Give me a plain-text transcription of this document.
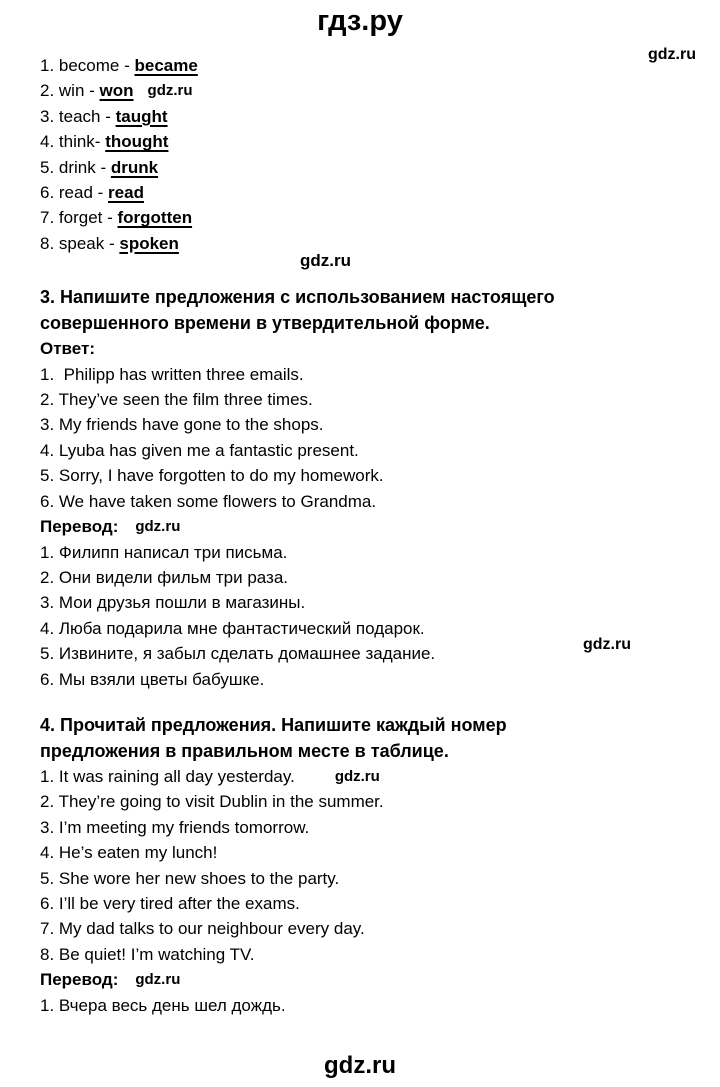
гдз.ру
gdz.ru

1. become - became

2. win - won gdz.ru

3. teach - taught

4. think- thought

5. drink - drunk

6. read - read

7. forget - forgotten

8. speak - spoken

gdz.ru

3. Напишите предложения с использованием настоящего
совершенного времени в утвердительной форме.

Ответ:

1.  Philipp has written three emails.

2. They’ve seen the film three times.

3. My friends have gone to the shops.

4. Lyuba has given me a fantastic present.

5. Sorry, I have forgotten to do my homework.

6. We have taken some flowers to Grandma.

Перевод: gdz.ru

1. Филипп написал три письма.

2. Они видели фильм три раза.

3. Мои друзья пошли в магазины.

4. Люба подарила мне фантастический подарок.

5. Извините, я забыл сделать домашнее задание.

6. Мы взяли цветы бабушке.

gdz.ru

4. Прочитай предложения. Напишите каждый номер
предложения в правильном месте в таблице.

1. It was raining all day yesterday.	gdz.ru

2. They’re going to visit Dublin in the summer.

3. I’m meeting my friends tomorrow.

4. He’s eaten my lunch!

5. She wore her new shoes to the party.

6. I’ll be very tired after the exams.

7. My dad talks to our neighbour every day.

8. Be quiet! I’m watching TV.

Перевод: gdz.ru

1. Вчера весь день шел дождь.

gdz.ru
